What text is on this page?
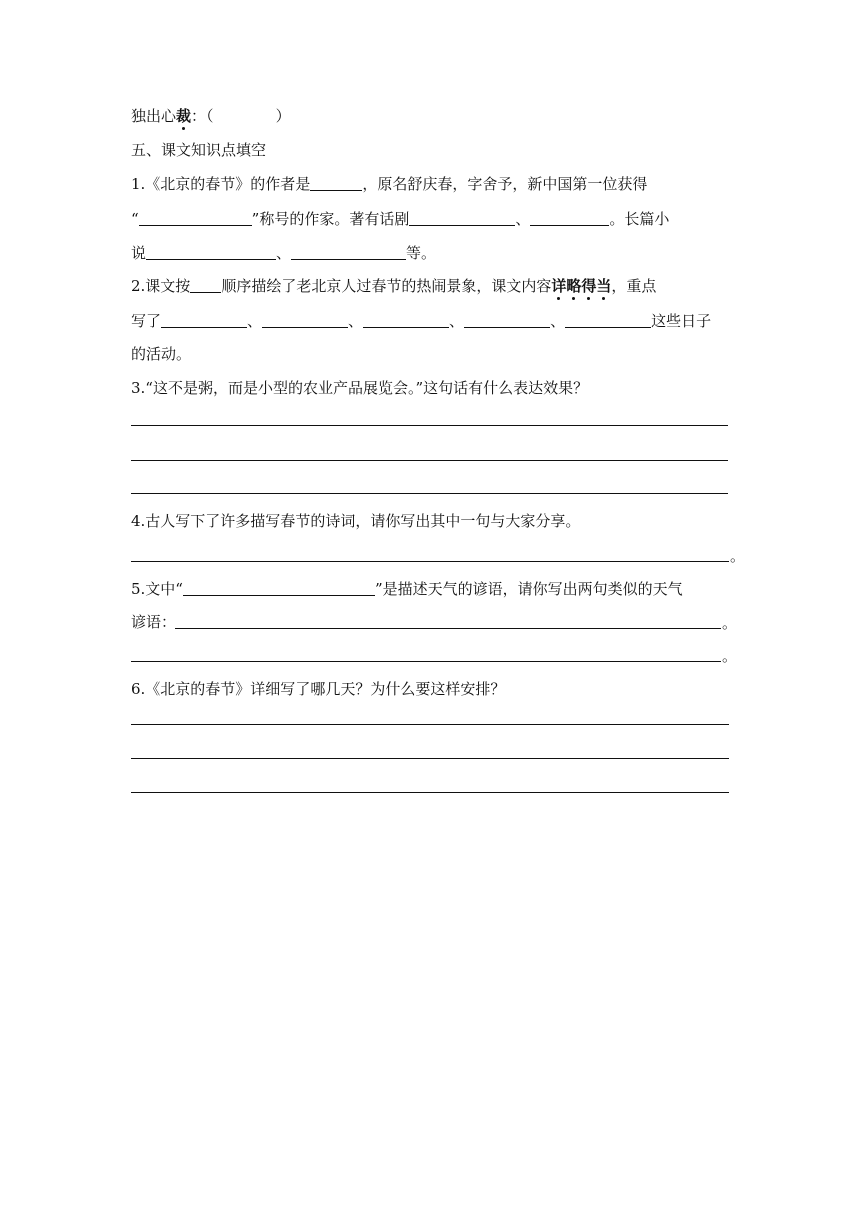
独出心裁：（	）
五、课文知识点填空
1.《北京的春节》的作者是	，原名舒庆春，字舍予，新中国第一位获得
“	”称号的作家。著有话剧	、	。长篇小
说	、	等。
2.课文按 顺序描绘了老北京人过春节的热闹景象，课文内容详略得当，重点
写了	、	、	、	、	这些日子
的活动。
3.“这不是粥，而是小型的农业产品展览会。”这句话有什么表达效果？
4.古人写下了许多描写春节的诗词，请你写出其中一句与大家分享。
。
5.文中“	”是描述天气的谚语，请你写出两句类似的天气
谚语：	。
。
6.《北京的春节》详细写了哪几天？为什么要这样安排？
